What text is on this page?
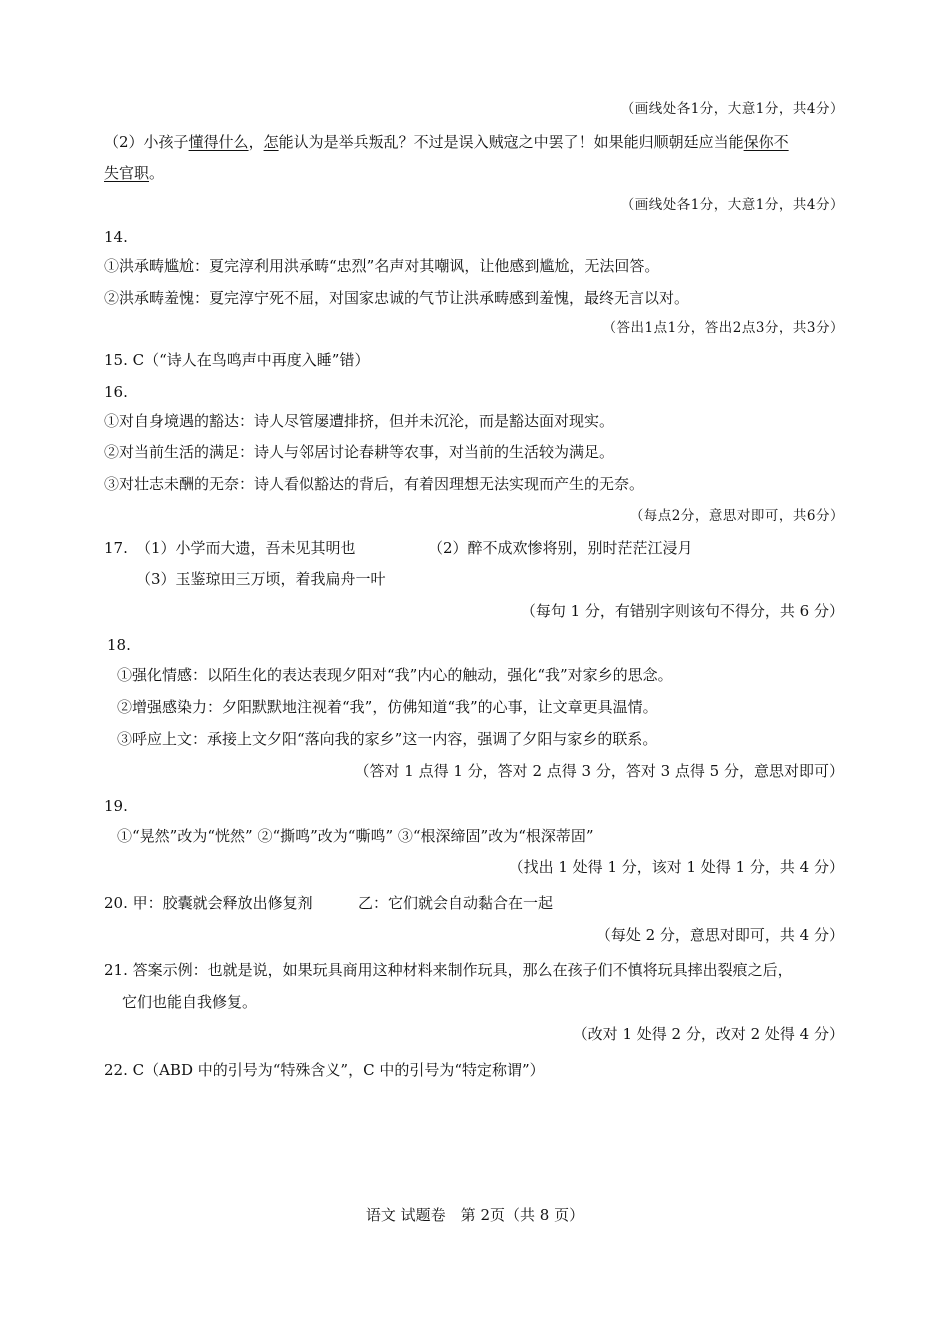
（画线处各1分，大意1分，共4分）
（2）小孩子懂得什么，怎能认为是举兵叛乱？不过是误入贼寇之中罢了！如果能归顺朝廷应当能保你不
失官职。
（画线处各1分，大意1分，共4分）
14.
①洪承畴尴尬：夏完淳利用洪承畴“忠烈”名声对其嘲讽，让他感到尴尬，无法回答。
②洪承畴羞愧：夏完淳宁死不屈，对国家忠诚的气节让洪承畴感到羞愧，最终无言以对。
（答出1点1分，答出2点3分，共3分）
15. C（“诗人在鸟鸣声中再度入睡”错）
16.
①对自身境遇的豁达：诗人尽管屡遭排挤，但并未沉沦，而是豁达面对现实。
②对当前生活的满足：诗人与邻居讨论春耕等农事，对当前的生活较为满足。
③对壮志未酬的无奈：诗人看似豁达的背后，有着因理想无法实现而产生的无奈。
（每点2分，意思对即可，共6分）
17. （1）小学而大遗，吾未见其明也	（2）醉不成欢惨将别，别时茫茫江浸月
（3）玉鉴琼田三万顷，着我扁舟一叶
（每句 1 分，有错别字则该句不得分，共 6 分）
18.
①强化情感：以陌生化的表达表现夕阳对“我”内心的触动，强化“我”对家乡的思念。
②增强感染力：夕阳默默地注视着“我”，仿佛知道“我”的心事，让文章更具温情。
③呼应上文：承接上文夕阳“落向我的家乡”这一内容，强调了夕阳与家乡的联系。
（答对 1 点得 1 分，答对 2 点得 3 分，答对 3 点得 5 分，意思对即可）
19.
①“晃然”改为“恍然” ②“撕鸣”改为“嘶鸣” ③“根深缔固”改为“根深蒂固”
（找出 1 处得 1 分，该对 1 处得 1 分，共 4 分）
20. 甲：胶囊就会释放出修复剂	乙：它们就会自动黏合在一起
（每处 2 分，意思对即可，共 4 分）
21. 答案示例：也就是说，如果玩具商用这种材料来制作玩具，那么在孩子们不慎将玩具摔出裂痕之后，
它们也能自我修复。
（改对 1 处得 2 分，改对 2 处得 4 分）
22. C（ABD 中的引号为“特殊含义”，C 中的引号为“特定称谓”）
语文 试题卷　第 2页（共 8 页）
